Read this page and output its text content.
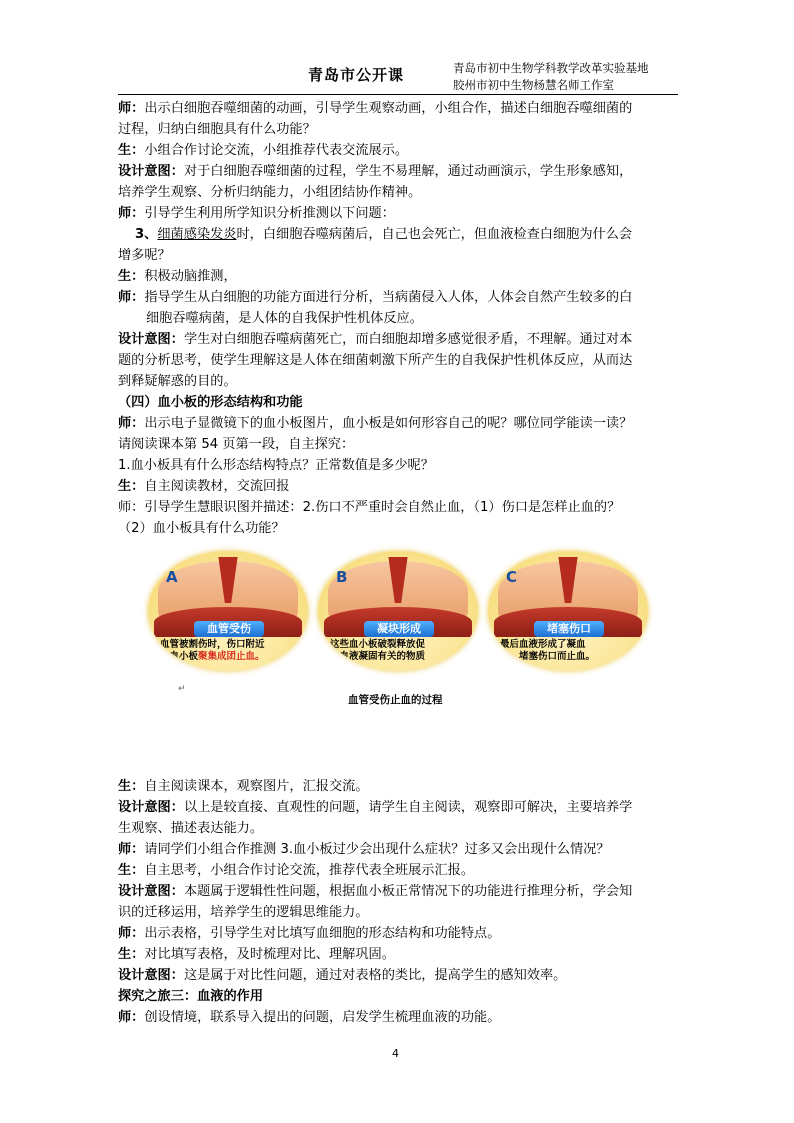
青岛市公开课	青岛市初中生物学科教学改革实验基地
胶州市初中生物杨慧名师工作室

师：出示白细胞吞噬细菌的动画，引导学生观察动画，小组合作，描述白细胞吞噬细菌的

过程，归纳白细胞具有什么功能？

生：小组合作讨论交流，小组推荐代表交流展示。

设计意图：对于白细胞吞噬细菌的过程，学生不易理解，通过动画演示，学生形象感知，

培养学生观察、分析归纳能力，小组团结协作精神。

师：引导学生利用所学知识分析推测以下问题：

3、细菌感染发炎时，白细胞吞噬病菌后，自己也会死亡，但血液检查白细胞为什么会

增多呢？

生：积极动脑推测，

师：指导学生从白细胞的功能方面进行分析，当病菌侵入人体，人体会自然产生较多的白

细胞吞噬病菌，是人体的自我保护性机体反应。

设计意图：学生对白细胞吞噬病菌死亡，而白细胞却增多感觉很矛盾，不理解。通过对本

题的分析思考，使学生理解这是人体在细菌刺激下所产生的自我保护性机体反应，从而达

到释疑解惑的目的。

（四）血小板的形态结构和功能

师：出示电子显微镜下的血小板图片，血小板是如何形容自己的呢？哪位同学能读一读？

请阅读课本第 54 页第一段，自主探究：

1.血小板具有什么形态结构特点？正常数值是多少呢？

生：自主阅读教材，交流回报

师：引导学生慧眼识图并描述：2.伤口不严重时会自然止血，（1）伤口是怎样止血的？

（2）血小板具有什么功能？

A
血管受伤
血管被割伤时，伤口附近
的血小板聚集成团止血。
B
凝块形成
这些血小板破裂释放促
使血液凝固有关的物质
C
堵塞伤口
最后血液形成了凝血
块，堵塞伤口而止血。
↵
血管受伤止血的过程

生：自主阅读课本，观察图片，汇报交流。

设计意图：以上是较直接、直观性的问题，请学生自主阅读，观察即可解决，主要培养学

生观察、描述表达能力。

师：请同学们小组合作推测 3.血小板过少会出现什么症状？过多又会出现什么情况？

生：自主思考，小组合作讨论交流，推荐代表全班展示汇报。

设计意图：本题属于逻辑性性问题，根据血小板正常情况下的功能进行推理分析，学会知

识的迁移运用，培养学生的逻辑思维能力。

师：出示表格，引导学生对比填写血细胞的形态结构和功能特点。

生：对比填写表格，及时梳理对比、理解巩固。

设计意图：这是属于对比性问题，通过对表格的类比，提高学生的感知效率。

探究之旅三：血液的作用

师：创设情境，联系导入提出的问题，启发学生梳理血液的功能。

4
